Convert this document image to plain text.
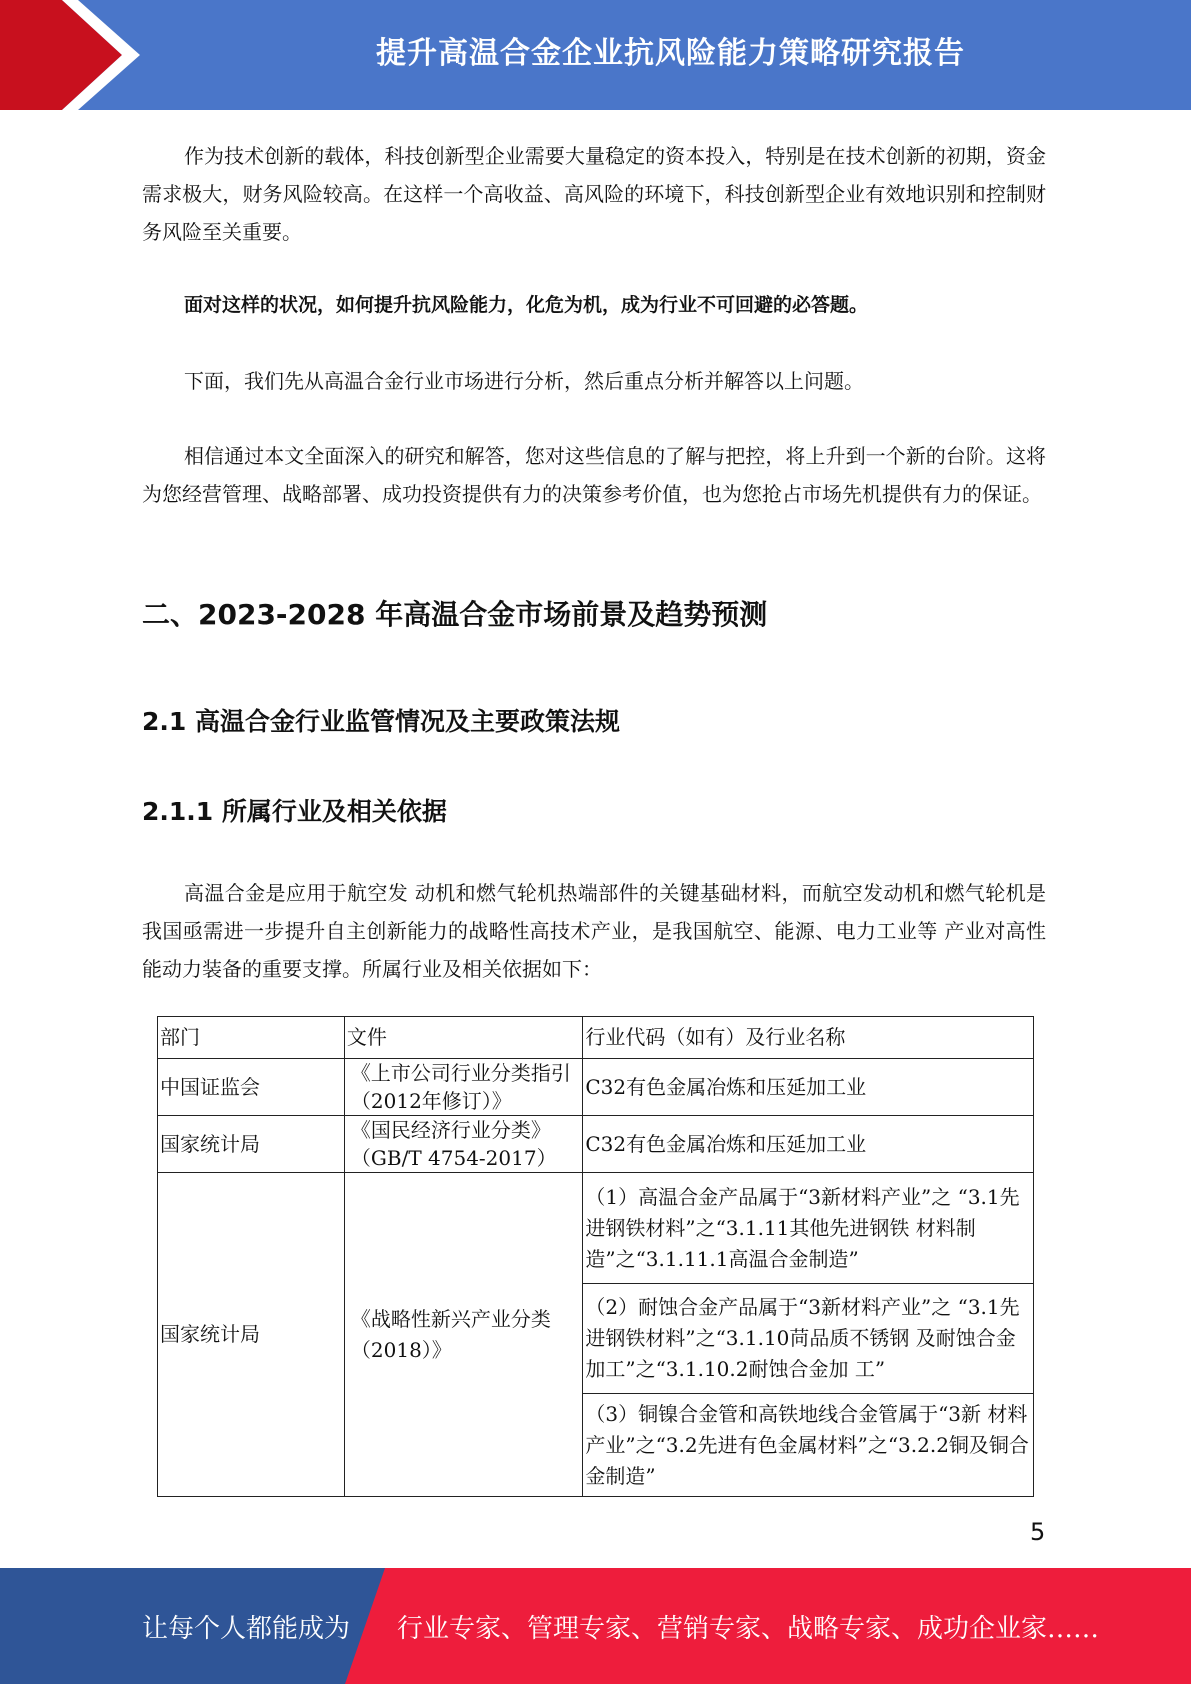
提升高温合金企业抗风险能力策略研究报告
作为技术创新的载体，科技创新型企业需要大量稳定的资本投入，特别是在技术创新的初期，资金需求极大，财务风险较高。在这样一个高收益、高风险的环境下，科技创新型企业有效地识别和控制财务风险至关重要。
面对这样的状况，如何提升抗风险能力，化危为机，成为行业不可回避的必答题。
下面，我们先从高温合金行业市场进行分析，然后重点分析并解答以上问题。
相信通过本文全面深入的研究和解答，您对这些信息的了解与把控，将上升到一个新的台阶。这将为您经营管理、战略部署、成功投资提供有力的决策参考价值，也为您抢占市场先机提供有力的保证。
二、2023-2028 年高温合金市场前景及趋势预测
2.1 高温合金行业监管情况及主要政策法规
2.1.1 所属行业及相关依据
高温合金是应用于航空发 动机和燃气轮机热端部件的关键基础材料，而航空发动机和燃气轮机是我国亟需进一步提升自主创新能力的战略性高技术产业，是我国航空、能源、电力工业等 产业对高性能动力装备的重要支撑。所属行业及相关依据如下：
部门	文件	行业代码（如有）及行业名称
中国证监会	《上市公司行业分类指引（2012年修订）》	C32有色金属冶炼和压延加工业
国家统计局	《国民经济行业分类》（GB/T 4754-2017）	C32有色金属冶炼和压延加工业
国家统计局	《战略性新兴产业分类（2018）》	（1）高温合金产品属于“3新材料产业”之 “3.1先进钢铁材料”之“3.1.11其他先进钢铁 材料制造”之“3.1.11.1高温合金制造”
		（2）耐蚀合金产品属于“3新材料产业”之 “3.1先进钢铁材料”之“3.1.10苘品质不锈钢 及耐蚀合金加工”之“3.1.10.2耐蚀合金加 工”
		（3）铜镍合金管和高铁地线合金管属于“3新 材料产业”之“3.2先进有色金属材料”之“3.2.2铜及铜合金制造”
5
让每个人都能成为 行业专家、管理专家、营销专家、战略专家、成功企业家……
